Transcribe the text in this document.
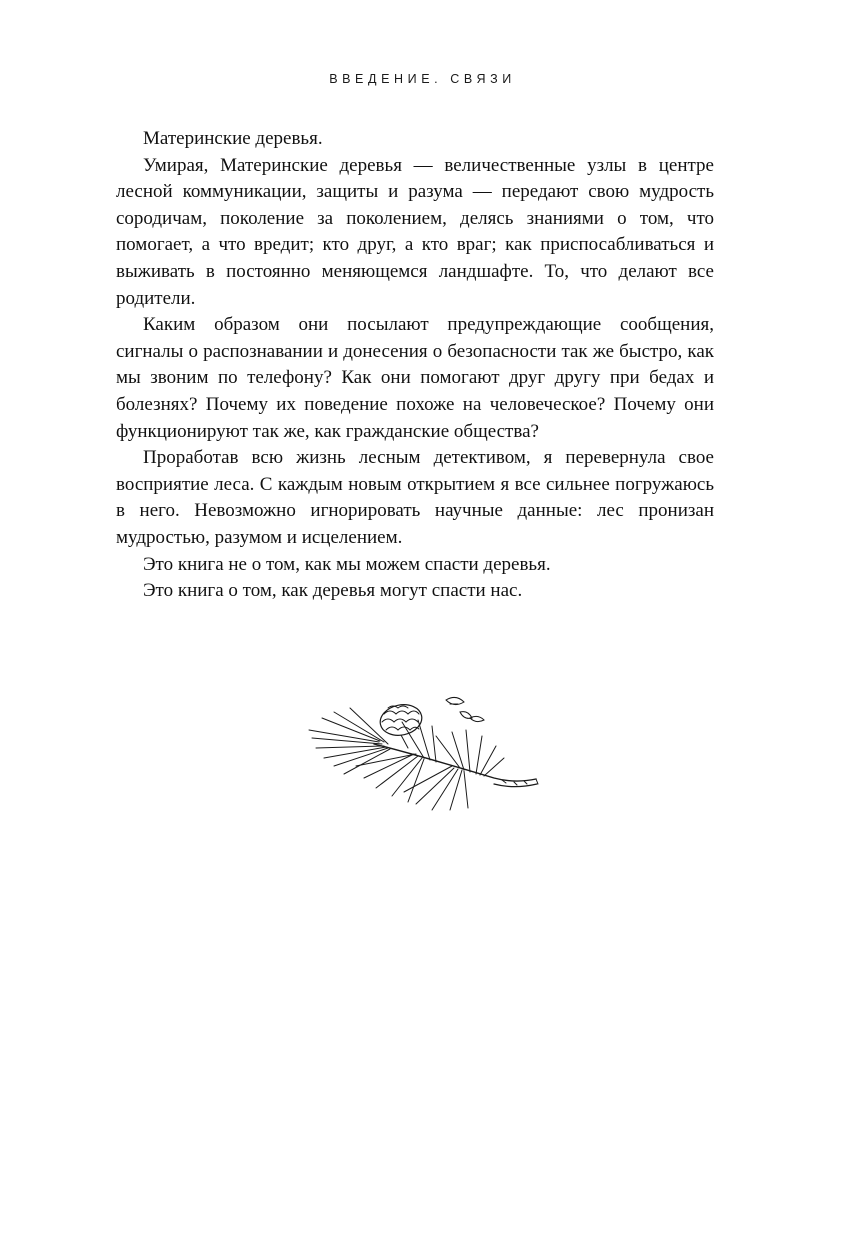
ВВЕДЕНИЕ. СВЯЗИ

Материнские деревья.

Умирая, Материнские деревья — величественные узлы в центре лесной коммуникации, защиты и разума — передают свою мудрость сородичам, поколение за поколением, делясь знаниями о том, что помогает, а что вредит; кто друг, а кто враг; как приспосабливаться и выживать в постоянно меняющемся ландшафте. То, что делают все родители.

Каким образом они посылают предупреждающие сообщения, сигналы о распознавании и донесения о безопасности так же быстро, как мы звоним по телефону? Как они помогают друг другу при бедах и болезнях? Почему их поведение похоже на человеческое? Почему они функционируют так же, как гражданские общества?

Проработав всю жизнь лесным детективом, я перевернула свое восприятие леса. С каждым новым открытием я все сильнее погружаюсь в него. Невозможно игнорировать научные данные: лес пронизан мудростью, разумом и исцелением.

Это книга не о том, как мы можем спасти деревья.

Это книга о том, как деревья могут спасти нас.
